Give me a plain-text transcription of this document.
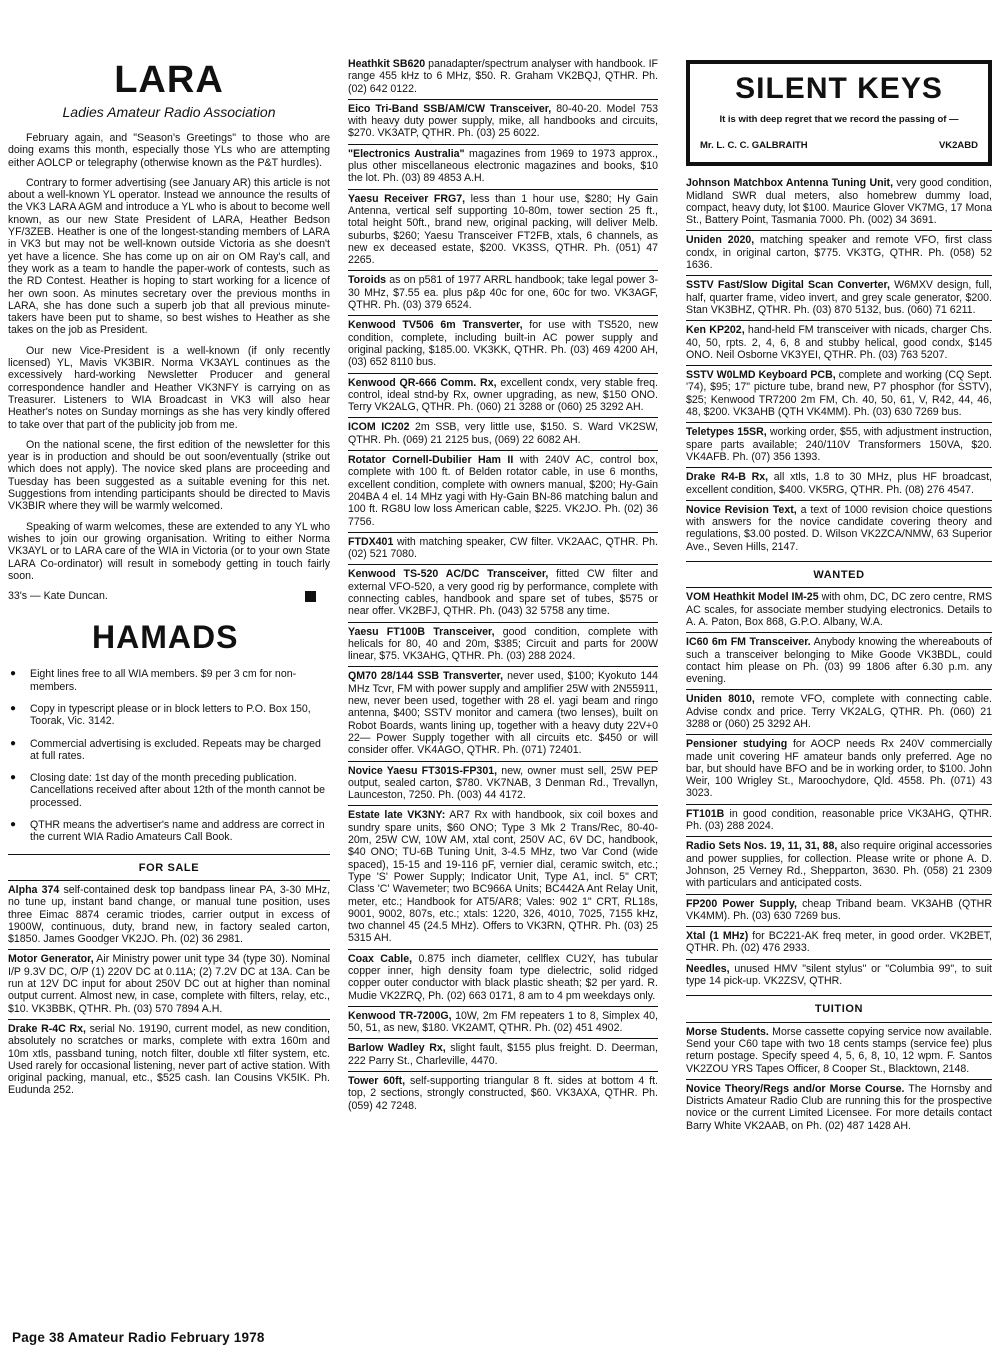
LARA
Ladies Amateur Radio Association

February again, and "Season's Greetings" to those who are doing exams this month, especially those YLs who are attempting either AOLCP or telegraphy (otherwise known as the P&T hurdles).

Contrary to former advertising (see January AR) this article is not about a well-known YL operator. Instead we announce the results of the VK3 LARA AGM and introduce a YL who is about to become well known, as our new State President of LARA, Heather Bedson YF/3ZEB. Heather is one of the longest-standing members of LARA in VK3 but may not be well-known outside Victoria as she doesn't yet have a licence. She has come up on air on OM Ray's call, and they work as a team to handle the paper-work of contests, such as the RD Contest. Heather is hoping to start working for a licence of her own soon. As minutes secretary over the previous months in LARA, she has done such a superb job that all previous minute-takers have been put to shame, so best wishes to Heather as she takes on the job as President.

Our new Vice-President is a well-known (if only recently licensed) YL, Mavis VK3BIR. Norma VK3AYL continues as the excessively hard-working Newsletter Producer and general correspondence handler and Heather VK3NFY is carrying on as Treasurer. Listeners to WIA Broadcast in VK3 will also hear Heather's notes on Sunday mornings as she has very kindly offered to take over that part of the publicity job from me.

On the national scene, the first edition of the newsletter for this year is in production and should be out soon/eventually (strike out which does not apply). The novice sked plans are proceeding and Tuesday has been suggested as a suitable evening for this net. Suggestions from intending participants should be directed to Mavis VK3BIR where they will be warmly welcomed.

Speaking of warm welcomes, these are extended to any YL who wishes to join our growing organisation. Writing to either Norma VK3AYL or to LARA care of the WIA in Victoria (or to your own State LARA Co-ordinator) will result in somebody getting in touch fairly soon.

33's — Kate Duncan.
HAMADS
● Eight lines free to all WIA members. $9 per 3 cm for non-members.
● Copy in typescript please or in block letters to P.O. Box 150, Toorak, Vic. 3142.
● Commercial advertising is excluded. Repeats may be charged at full rates.
● Closing date: 1st day of the month preceding publication. Cancellations received after about 12th of the month cannot be processed.
● QTHR means the advertiser's name and address are correct in the current WIA Radio Amateurs Call Book.
FOR SALE
Alpha 374 self-contained desk top bandpass linear PA, 3-30 MHz, no tune up, instant band change, or manual tune position, uses three Eimac 8874 ceramic triodes, carrier output in excess of 1900W, continuous, duty, brand new, in factory sealed carton, $1850. James Goodger VK2JO. Ph. (02) 36 2981.
Motor Generator, Air Ministry power unit type 34 (type 30). Nominal I/P 9.3V DC, O/P (1) 220V DC at 0.11A; (2) 7.2V DC at 13A. Can be run at 12V DC input for about 250V DC out at higher than nominal output current. Almost new, in case, complete with filters, relay, etc., $10. VK3BBK, QTHR. Ph. (03) 570 7894 A.H.
Drake R-4C Rx, serial No. 19190, current model, as new condition, absolutely no scratches or marks, complete with extra 160m and 10m xtls, passband tuning, notch filter, double xtl filter system, etc. Used rarely for occasional listening, never part of active station. With original packing, manual, etc., $525 cash. Ian Cousins VK5IK. Ph. Eudunda 252.
Heathkit SB620 panadapter/spectrum analyser with handbook. IF range 455 kHz to 6 MHz, $50. R. Graham VK2BQJ, QTHR. Ph. (02) 642 0122.
Eico Tri-Band SSB/AM/CW Transceiver, 80-40-20. Model 753 with heavy duty power supply, mike, all handbooks and circuits, $270. VK3ATP, QTHR. Ph. (03) 25 6022.
"Electronics Australia" magazines from 1969 to 1973 approx., plus other miscellaneous electronic magazines and books, $10 the lot. Ph. (03) 89 4853 A.H.
Yaesu Receiver FRG7, less than 1 hour use, $280; Hy Gain Antenna, vertical self supporting 10-80m, tower section 25 ft., total height 50ft., brand new, original packing, will deliver Melb. suburbs, $260; Yaesu Transceiver FT2FB, xtals, 6 channels, as new ex deceased estate, $200. VK3SS, QTHR. Ph. (051) 47 2265.
Toroids as on p581 of 1977 ARRL handbook; take legal power 3-30 MHz, $7.55 ea. plus p&p 40c for one, 60c for two. VK3AGF, QTHR. Ph. (03) 379 6524.
Kenwood TV506 6m Transverter, for use with TS520, new condition, complete, including built-in AC power supply and original packing, $185.00. VK3KK, QTHR. Ph. (03) 469 4200 AH, (03) 652 8110 bus.
Kenwood QR-666 Comm. Rx, excellent condx, very stable freq. control, ideal stnd-by Rx, owner upgrading, as new, $150 ONO. Terry VK2ALG, QTHR. Ph. (060) 21 3288 or (060) 25 3292 AH.
ICOM IC202 2m SSB, very little use, $150. S. Ward VK2SW, QTHR. Ph. (069) 21 2125 bus, (069) 22 6082 AH.
Rotator Cornell-Dubilier Ham II with 240V AC, control box, complete with 100 ft. of Belden rotator cable, in use 6 months, excellent condition, complete with owners manual, $200; Hy-Gain 204BA 4 el. 14 MHz yagi with Hy-Gain BN-86 matching balun and 100 ft. RG8U low loss American cable, $225. VK2JO. Ph. (02) 36 7756.
FTDX401 with matching speaker, CW filter. VK2AAC, QTHR. Ph. (02) 521 7080.
Kenwood TS-520 AC/DC Transceiver, fitted CW filter and external VFO-520, a very good rig by performance, complete with connecting cables, handbook and spare set of tubes, $575 or near offer. VK2BFJ, QTHR. Ph. (043) 32 5758 any time.
Yaesu FT100B Transceiver, good condition, complete with helicals for 80, 40 and 20m, $385; Circuit and parts for 200W linear, $75. VK3AHG, QTHR. Ph. (03) 288 2024.
QM70 28/144 SSB Transverter, never used, $100; Kyokuto 144 MHz Tcvr, FM with power supply and amplifier 25W with 2N55911, new, never been used, together with 28 el. yagi beam and ringo antenna, $400; SSTV monitor and camera (two lenses), built on Robot Boards, wants lining up, together with a heavy duty 22V+0 22— Power Supply together with all circuits etc. $450 or will consider offer. VK4AGO, QTHR. Ph. (071) 72401.
Novice Yaesu FT301S-FP301, new, owner must sell, 25W PEP output, sealed carton, $780. VK7NAB, 3 Denman Rd., Trevallyn, Launceston, 7250. Ph. (003) 44 4172.
Estate late VK3NY: AR7 Rx with handbook, six coil boxes and sundry spare units, $60 ONO; Type 3 Mk 2 Trans/Rec, 80-40-20m, 25W CW, 10W AM, xtal cont, 250V AC, 6V DC, handbook, $40 ONO; TU-6B Tuning Unit, 3-4.5 MHz, two Var Cond (wide spaced), 15-15 and 19-116 pF, vernier dial, ceramic switch, etc.; Type 'S' Power Supply; Indicator Unit, Type A1, incl. 5" CRT; Class 'C' Wavemeter; two BC966A Units; BC442A Ant Relay Unit, meter, etc.; Handbook for AT5/AR8; Vales: 902 1" CRT, RL18s, 9001, 9002, 807s, etc.; xtals: 1220, 326, 4010, 7025, 7155 kHz, two channel 45 (24.5 MHz). Offers to VK3RN, QTHR. Ph. (03) 25 5315 AH.
Coax Cable, 0.875 inch diameter, cellflex CU2Y, has tubular copper inner, high density foam type dielectric, solid ridged copper outer conductor with black plastic sheath; $2 per yard. R. Mudie VK2ZRQ, Ph. (02) 663 0171, 8 am to 4 pm weekdays only.
Kenwood TR-7200G, 10W, 2m FM repeaters 1 to 8, Simplex 40, 50, 51, as new, $180. VK2AMT, QTHR. Ph. (02) 451 4902.
Barlow Wadley Rx, slight fault, $155 plus freight. D. Deerman, 222 Parry St., Charleville, 4470.
Tower 60ft, self-supporting triangular 8 ft. sides at bottom 4 ft. top, 2 sections, strongly constructed, $60. VK3AXA, QTHR. Ph. (059) 42 7248.
SILENT KEYS
It is with deep regret that we record the passing of —
Mr. L. C. C. GALBRAITH	VK2ABD
Johnson Matchbox Antenna Tuning Unit, very good condition, Midland SWR dual meters, also homebrew dummy load, compact, heavy duty, lot $100. Maurice Glover VK7MG, 17 Mona St., Battery Point, Tasmania 7000. Ph. (002) 34 3691.
Uniden 2020, matching speaker and remote VFO, first class condx, in original carton, $775. VK3TG, QTHR. Ph. (058) 52 1636.
SSTV Fast/Slow Digital Scan Converter, W6MXV design, full, half, quarter frame, video invert, and grey scale generator, $200. Stan VK3BHZ, QTHR. Ph. (03) 870 5132, bus. (060) 71 6211.
Ken KP202, hand-held FM transceiver with nicads, charger Chs. 40, 50, rpts. 2, 4, 6, 8 and stubby helical, good condx, $145 ONO. Neil Osborne VK3YEI, QTHR. Ph. (03) 763 5207.
SSTV W0LMD Keyboard PCB, complete and working (CQ Sept. '74), $95; 17" picture tube, brand new, P7 phosphor (for SSTV), $25; Kenwood TR7200 2m FM, Ch. 40, 50, 61, V, R42, 44, 46, 48, $200. VK3AHB (QTH VK4MM). Ph. (03) 630 7269 bus.
Teletypes 15SR, working order, $55, with adjustment instruction, spare parts available; 240/110V Transformers 150VA, $20. VK4AFB. Ph. (07) 356 1393.
Drake R4-B Rx, all xtls, 1.8 to 30 MHz, plus HF broadcast, excellent condition, $400. VK5RG, QTHR. Ph. (08) 276 4547.
Novice Revision Text, a text of 1000 revision choice questions with answers for the novice candidate covering theory and regulations, $3.00 posted. D. Wilson VK2ZCA/NMW, 63 Superior Ave., Seven Hills, 2147.
WANTED
VOM Heathkit Model IM-25 with ohm, DC, DC zero centre, RMS AC scales, for associate member studying electronics. Details to A. A. Paton, Box 868, G.P.O. Albany, W.A.
IC60 6m FM Transceiver. Anybody knowing the whereabouts of such a transceiver belonging to Mike Goode VK3BDL, could contact him please on Ph. (03) 99 1806 after 6.30 p.m. any evening.
Uniden 8010, remote VFO, complete with connecting cable. Advise condx and price. Terry VK2ALG, QTHR. Ph. (060) 21 3288 or (060) 25 3292 AH.
Pensioner studying for AOCP needs Rx 240V commercially made unit covering HF amateur bands only preferred. Age no bar, but should have BFO and be in working order, to $100. John Weir, 100 Wrigley St., Maroochydore, Qld. 4558. Ph. (071) 43 3023.
FT101B in good condition, reasonable price VK3AHG, QTHR. Ph. (03) 288 2024.
Radio Sets Nos. 19, 11, 31, 88, also require original accessories and power supplies, for collection. Please write or phone A. D. Johnson, 25 Verney Rd., Shepparton, 3630. Ph. (058) 21 2309 with particulars and anticipated costs.
FP200 Power Supply, cheap Triband beam. VK3AHB (QTHR VK4MM). Ph. (03) 630 7269 bus.
Xtal (1 MHz) for BC221-AK freq meter, in good order. VK2BET, QTHR. Ph. (02) 476 2933.
Needles, unused HMV "silent stylus" or "Columbia 99", to suit type 14 pick-up. VK2ZSV, QTHR.
TUITION
Morse Students. Morse cassette copying service now available. Send your C60 tape with two 18 cents stamps (service fee) plus return postage. Specify speed 4, 5, 6, 8, 10, 12 wpm. F. Santos VK2ZOU YRS Tapes Officer, 8 Cooper St., Blacktown, 2148.
Novice Theory/Regs and/or Morse Course. The Hornsby and Districts Amateur Radio Club are running this for the prospective novice or the current Limited Licensee. For more details contact Barry White VK2AAB, on Ph. (02) 487 1428 AH.
Page 38 Amateur Radio February 1978
